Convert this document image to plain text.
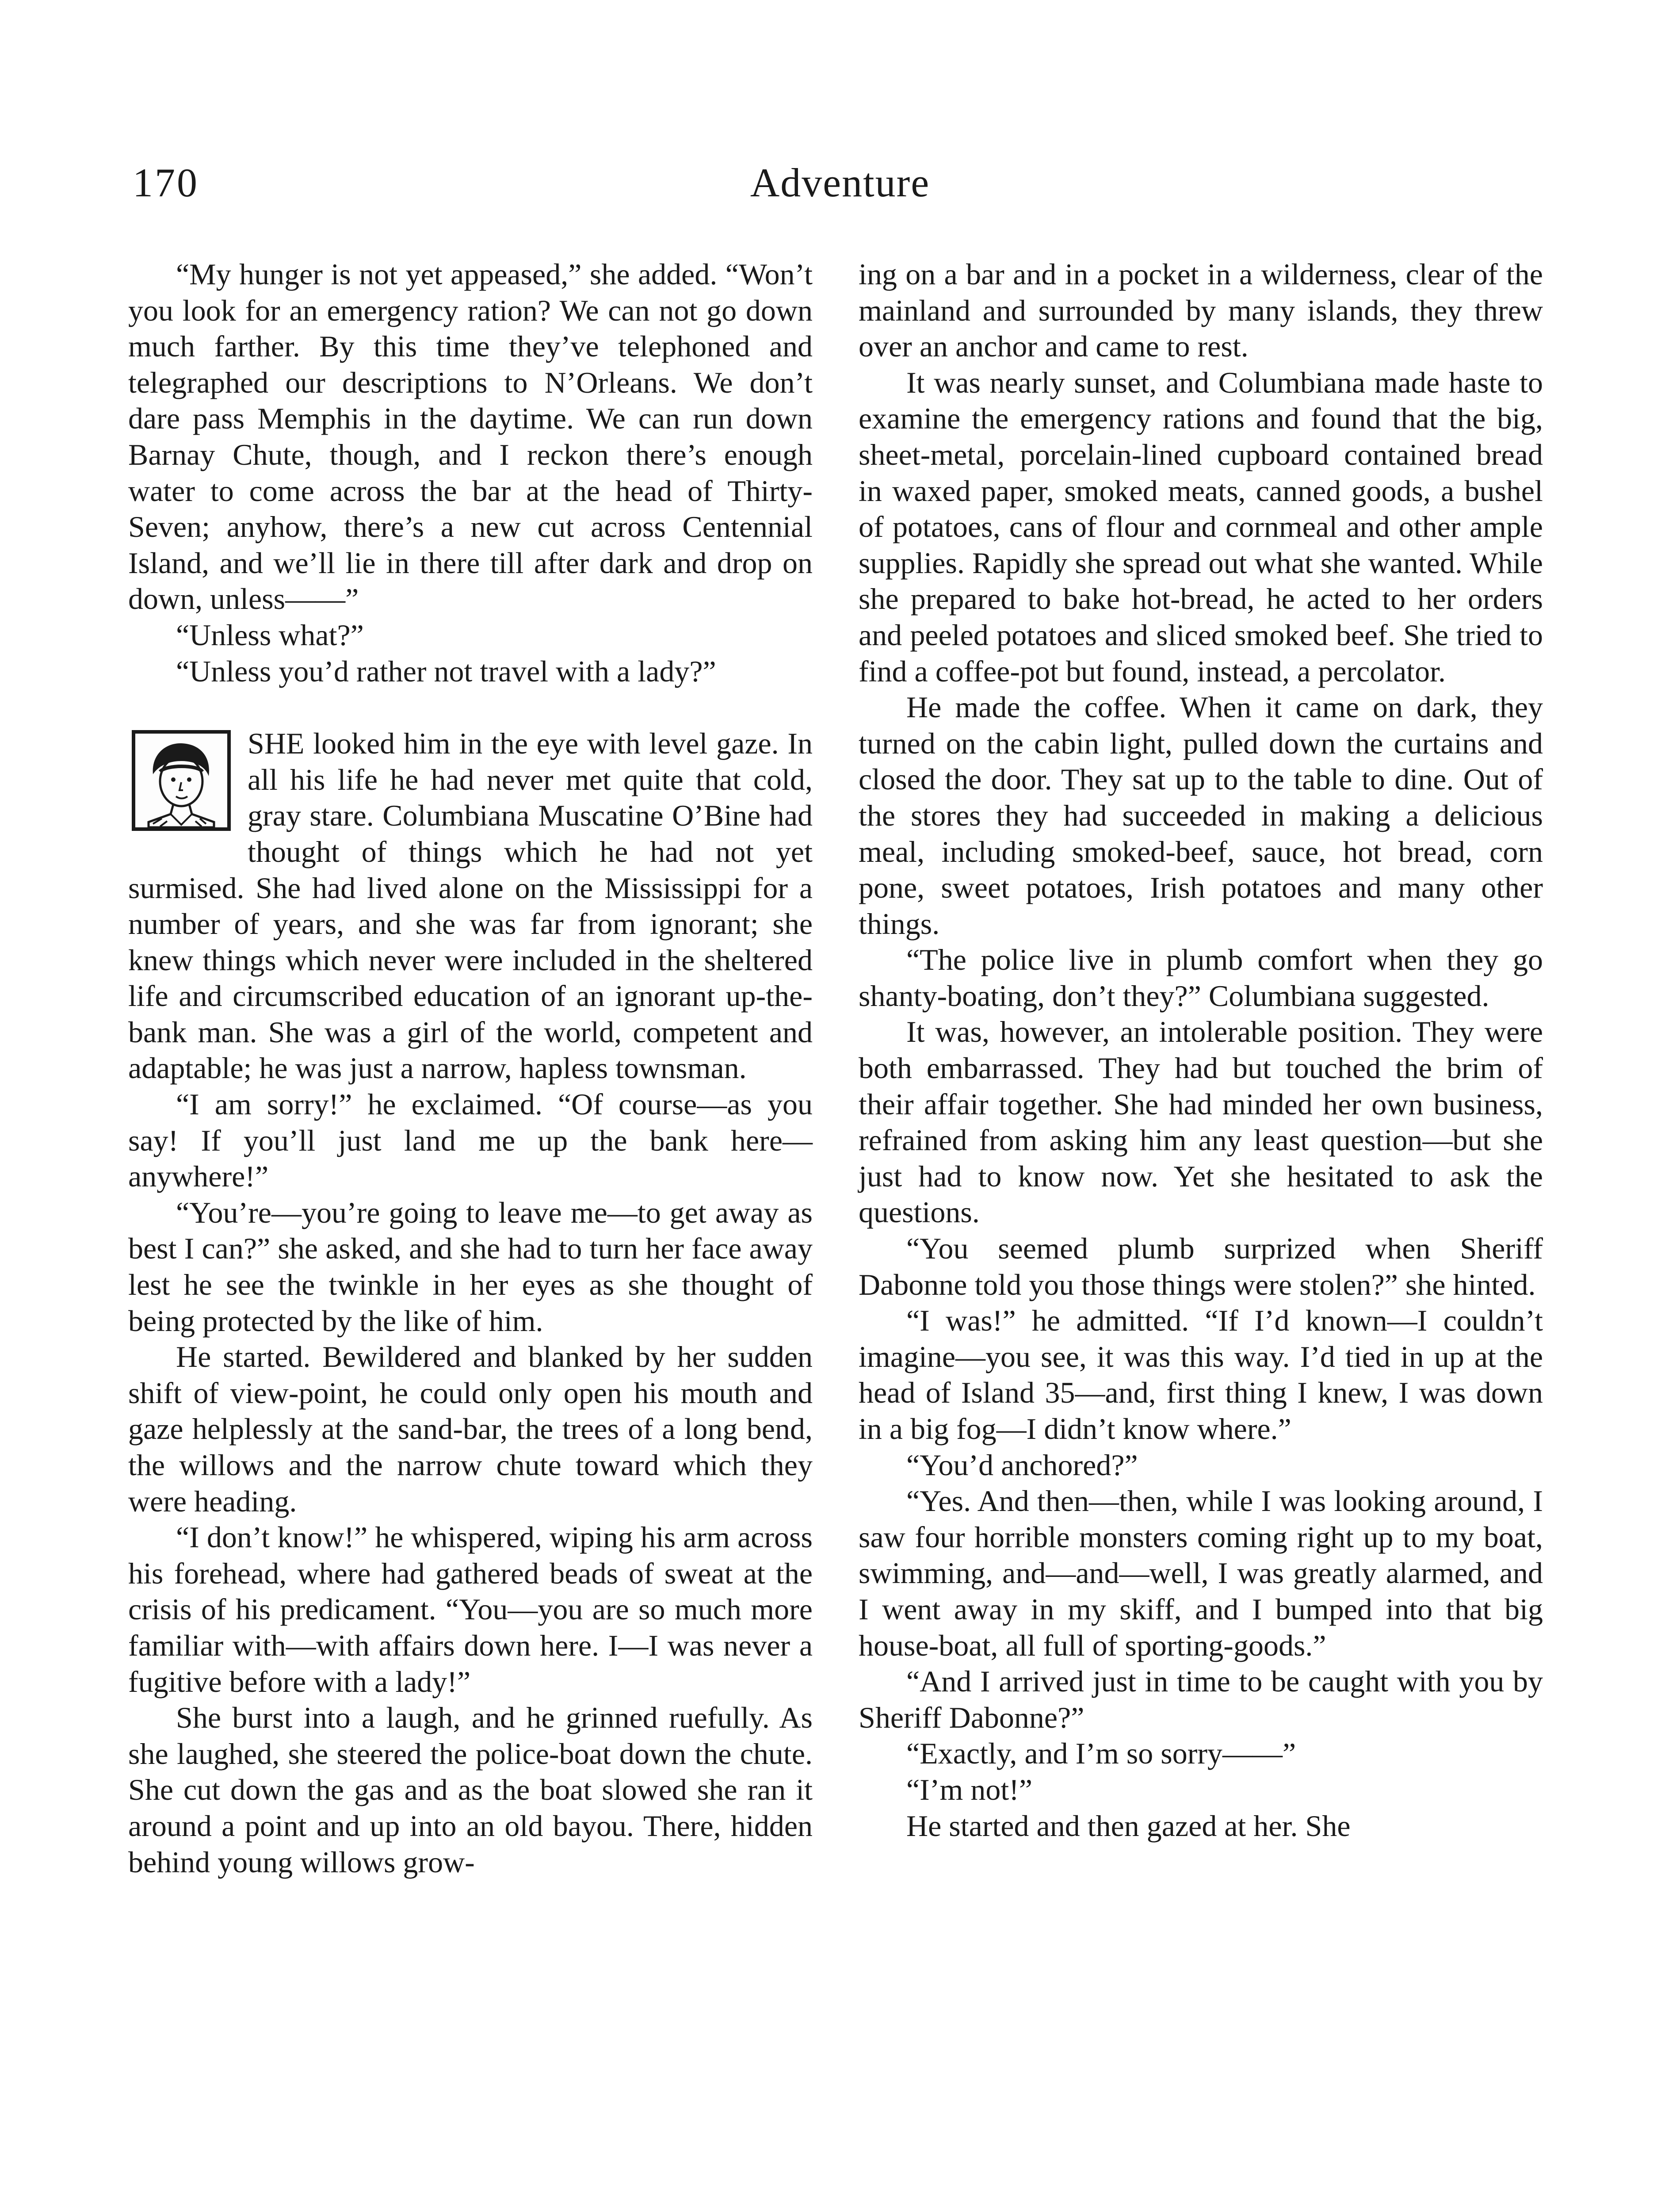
170	Adventure

“My hunger is not yet appeased,” she added. “Won’t you look for an emergency ration? We can not go down much farther. By this time they’ve telephoned and telegraphed our descriptions to N’Orleans. We don’t dare pass Memphis in the daytime. We can run down Barnay Chute, though, and I reckon there’s enough water to come across the bar at the head of Thirty-Seven; anyhow, there’s a new cut across Centennial Island, and we’ll lie in there till after dark and drop on down, unless——”

“Unless what?”

“Unless you’d rather not travel with a lady?”

SHE looked him in the eye with level gaze. In all his life he had never met quite that cold, gray stare. Columbiana Muscatine O’Bine had thought of things which he had not yet surmised. She had lived alone on the Mississippi for a number of years, and she was far from ignorant; she knew things which never were included in the sheltered life and circumscribed education of an ignorant up-the-bank man. She was a girl of the world, competent and adaptable; he was just a narrow, hapless townsman.

“I am sorry!” he exclaimed. “Of course—as you say! If you’ll just land me up the bank here—anywhere!”

“You’re—you’re going to leave me—to get away as best I can?” she asked, and she had to turn her face away lest he see the twinkle in her eyes as she thought of being protected by the like of him.

He started. Bewildered and blanked by her sudden shift of view-point, he could only open his mouth and gaze helplessly at the sand-bar, the trees of a long bend, the willows and the narrow chute toward which they were heading.

“I don’t know!” he whispered, wiping his arm across his forehead, where had gathered beads of sweat at the crisis of his predicament. “You—you are so much more familiar with—with affairs down here. I—I was never a fugitive before with a lady!”

She burst into a laugh, and he grinned ruefully. As she laughed, she steered the police-boat down the chute. She cut down the gas and as the boat slowed she ran it around a point and up into an old bayou. There, hidden behind young willows grow-

ing on a bar and in a pocket in a wilderness, clear of the mainland and surrounded by many islands, they threw over an anchor and came to rest.

It was nearly sunset, and Columbiana made haste to examine the emergency rations and found that the big, sheet-metal, porcelain-lined cupboard contained bread in waxed paper, smoked meats, canned goods, a bushel of potatoes, cans of flour and cornmeal and other ample supplies. Rapidly she spread out what she wanted. While she prepared to bake hot-bread, he acted to her orders and peeled potatoes and sliced smoked beef. She tried to find a coffee-pot but found, instead, a percolator.

He made the coffee. When it came on dark, they turned on the cabin light, pulled down the curtains and closed the door. They sat up to the table to dine. Out of the stores they had succeeded in making a delicious meal, including smoked-beef, sauce, hot bread, corn pone, sweet potatoes, Irish potatoes and many other things.

“The police live in plumb comfort when they go shanty-boating, don’t they?” Columbiana suggested.

It was, however, an intolerable position. They were both embarrassed. They had but touched the brim of their affair together. She had minded her own business, refrained from asking him any least question—but she just had to know now. Yet she hesitated to ask the questions.

“You seemed plumb surprized when Sheriff Dabonne told you those things were stolen?” she hinted.

“I was!” he admitted. “If I’d known—I couldn’t imagine—you see, it was this way. I’d tied in up at the head of Island 35—and, first thing I knew, I was down in a big fog—I didn’t know where.”

“You’d anchored?”

“Yes. And then—then, while I was looking around, I saw four horrible monsters coming right up to my boat, swimming, and—and—well, I was greatly alarmed, and I went away in my skiff, and I bumped into that big house-boat, all full of sporting-goods.”

“And I arrived just in time to be caught with you by Sheriff Dabonne?”

“Exactly, and I’m so sorry——”

“I’m not!”

He started and then gazed at her. She
